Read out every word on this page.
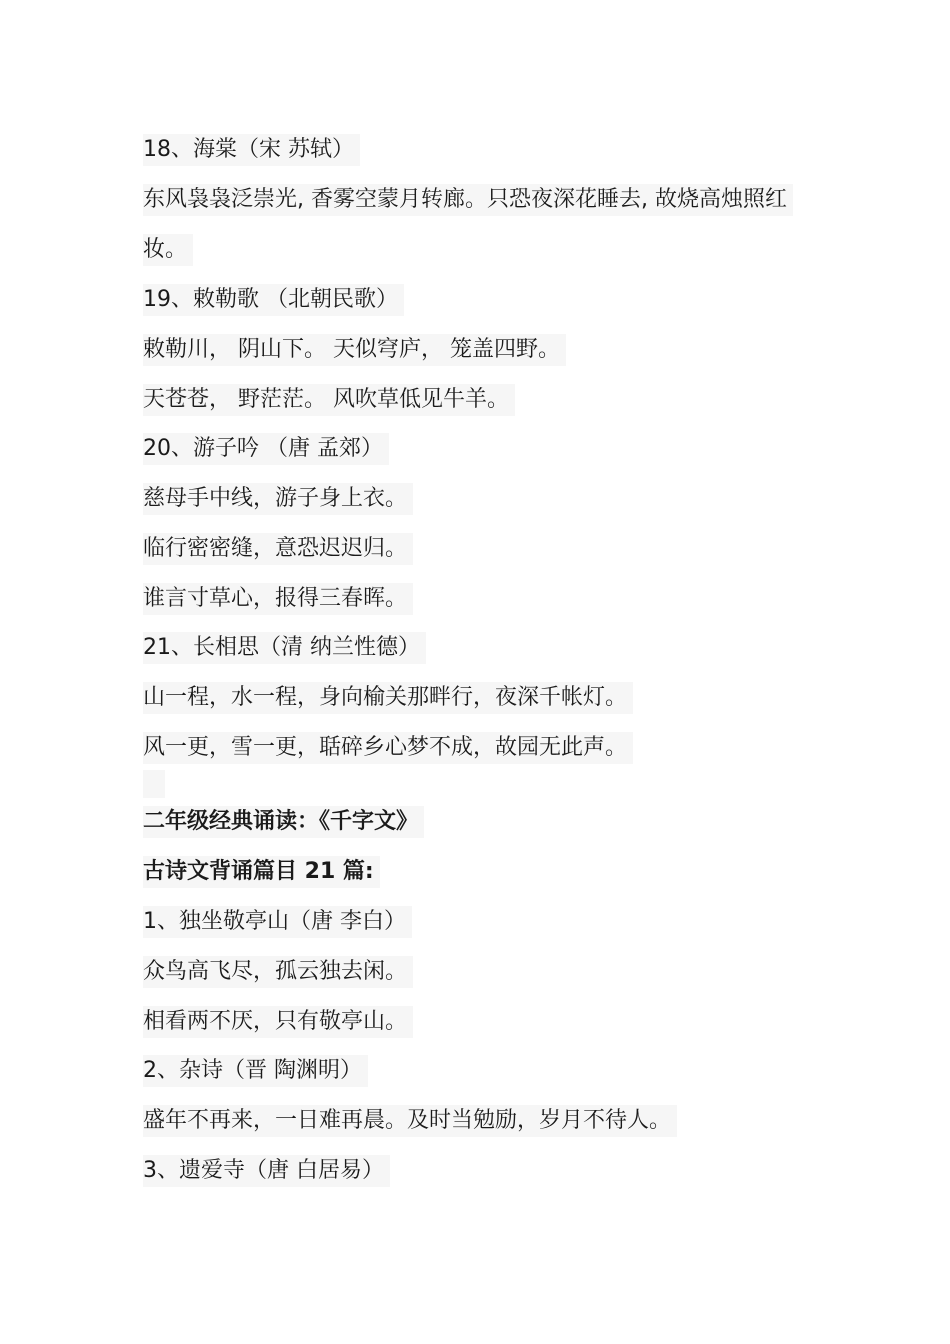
18、海棠（宋 苏轼）
东风袅袅泛崇光, 香雾空蒙月转廊。只恐夜深花睡去, 故烧高烛照红
妆。
19、敕勒歌 （北朝民歌）
敕勒川， 阴山下。 天似穹庐， 笼盖四野。
天苍苍， 野茫茫。 风吹草低见牛羊。
20、游子吟 （唐 孟郊）
慈母手中线，游子身上衣。
临行密密缝，意恐迟迟归。
谁言寸草心，报得三春晖。
21、长相思（清 纳兰性德）
山一程，水一程，身向榆关那畔行，夜深千帐灯。
风一更，雪一更，聒碎乡心梦不成，故园无此声。
二年级经典诵读：《千字文》
古诗文背诵篇目 21 篇:
1、独坐敬亭山（唐 李白）
众鸟高飞尽，孤云独去闲。
相看两不厌，只有敬亭山。
2、杂诗（晋 陶渊明）
盛年不再来，一日难再晨。及时当勉励，岁月不待人。
3、遗爱寺（唐 白居易）
